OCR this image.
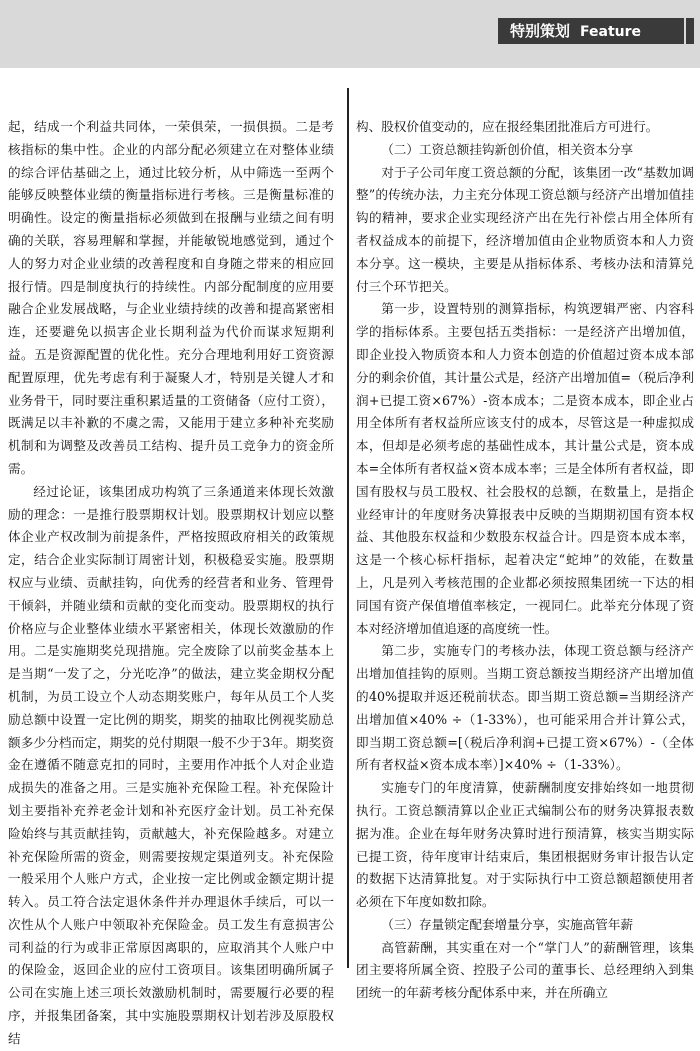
特别策划 Feature

起，结成一个利益共同体，一荣俱荣，一损俱损。二是考核指标的集中性。企业的内部分配必须建立在对整体业绩的综合评估基础之上，通过比较分析，从中筛选一至两个能够反映整体业绩的衡量指标进行考核。三是衡量标准的明确性。设定的衡量指标必须做到在报酬与业绩之间有明确的关联，容易理解和掌握，并能敏锐地感觉到，通过个人的努力对企业业绩的改善程度和自身随之带来的相应回报行情。四是制度执行的持续性。内部分配制度的应用要融合企业发展战略，与企业业绩持续的改善和提高紧密相连，还要避免以损害企业长期利益为代价而谋求短期利益。五是资源配置的优化性。充分合理地利用好工资资源配置原理，优先考虑有利于凝聚人才，特别是关键人才和业务骨干，同时要注重积累适量的工资储备（应付工资），既满足以丰补歉的不虞之需，又能用于建立多种补充奖励机制和为调整及改善员工结构、提升员工竞争力的资金所需。

经过论证，该集团成功构筑了三条通道来体现长效激励的理念：一是推行股票期权计划。股票期权计划应以整体企业产权改制为前提条件，严格按照政府相关的政策规定，结合企业实际制订周密计划，积极稳妥实施。股票期权应与业绩、贡献挂钩，向优秀的经营者和业务、管理骨干倾斜，并随业绩和贡献的变化而变动。股票期权的执行价格应与企业整体业绩水平紧密相关，体现长效激励的作用。二是实施期奖兑现措施。完全废除了以前奖金基本上是当期“一发了之，分光吃净”的做法，建立奖金期权分配机制，为员工设立个人动态期奖账户，每年从员工个人奖励总额中设置一定比例的期奖，期奖的抽取比例视奖励总额多少分档而定，期奖的兑付期限一般不少于3年。期奖资金在遵循不随意克扣的同时，主要用作冲抵个人对企业造成损失的准备之用。三是实施补充保险工程。补充保险计划主要指补充养老金计划和补充医疗金计划。员工补充保险始终与其贡献挂钩，贡献越大，补充保险越多。对建立补充保险所需的资金，则需要按规定渠道列支。补充保险一般采用个人账户方式，企业按一定比例或金额定期计提转入。员工符合法定退休条件并办理退休手续后，可以一次性从个人账户中领取补充保险金。员工发生有意损害公司利益的行为或非正常原因离职的，应取消其个人账户中的保险金，返回企业的应付工资项目。该集团明确所属子公司在实施上述三项长效激励机制时，需要履行必要的程序，并报集团备案，其中实施股票期权计划若涉及原股权结

构、股权价值变动的，应在报经集团批准后方可进行。

（二）工资总额挂钩新创价值，相关资本分享

对于子公司年度工资总额的分配，该集团一改“基数加调整”的传统办法，力主充分体现工资总额与经济产出增加值挂钩的精神，要求企业实现经济产出在先行补偿占用全体所有者权益成本的前提下，经济增加值由企业物质资本和人力资本分享。这一模块，主要是从指标体系、考核办法和清算兑付三个环节把关。

第一步，设置特别的测算指标，构筑逻辑严密、内容科学的指标体系。主要包括五类指标：一是经济产出增加值，即企业投入物质资本和人力资本创造的价值超过资本成本部分的剩余价值，其计量公式是，经济产出增加值=（税后净利润+已提工资×67%）-资本成本；二是资本成本，即企业占用全体所有者权益所应该支付的成本，尽管这是一种虚拟成本，但却是必须考虑的基础性成本，其计量公式是，资本成本=全体所有者权益×资本成本率；三是全体所有者权益，即国有股权与员工股权、社会股权的总额，在数量上，是指企业经审计的年度财务决算报表中反映的当期期初国有资本权益、其他股东权益和少数股东权益合计。四是资本成本率，这是一个核心标杆指标，起着决定“蛇坤”的效能，在数量上，凡是列入考核范围的企业都必须按照集团统一下达的相同国有资产保值增值率核定，一视同仁。此举充分体现了资本对经济增加值追逐的高度统一性。

第二步，实施专门的考核办法，体现工资总额与经济产出增加值挂钩的原则。当期工资总额按当期经济产出增加值的40%提取并返还税前状态。即当期工资总额=当期经济产出增加值×40% ÷（1-33%），也可能采用合并计算公式，即当期工资总额=[（税后净利润+已提工资×67%）-（全体所有者权益×资本成本率）]×40% ÷（1-33%）。

实施专门的年度清算，使薪酬制度安排始终如一地贯彻执行。工资总额清算以企业正式编制公布的财务决算报表数据为准。企业在每年财务决算时进行预清算，核实当期实际已提工资，待年度审计结束后，集团根据财务审计报告认定的数据下达清算批复。对于实际执行中工资总额超额使用者必须在下年度如数扣除。

（三）存量锁定配套增量分享，实施高管年薪

高管薪酬，其实重在对一个“掌门人”的薪酬管理，该集团主要将所属全资、控股子公司的董事长、总经理纳入到集团统一的年薪考核分配体系中来，并在所确立
